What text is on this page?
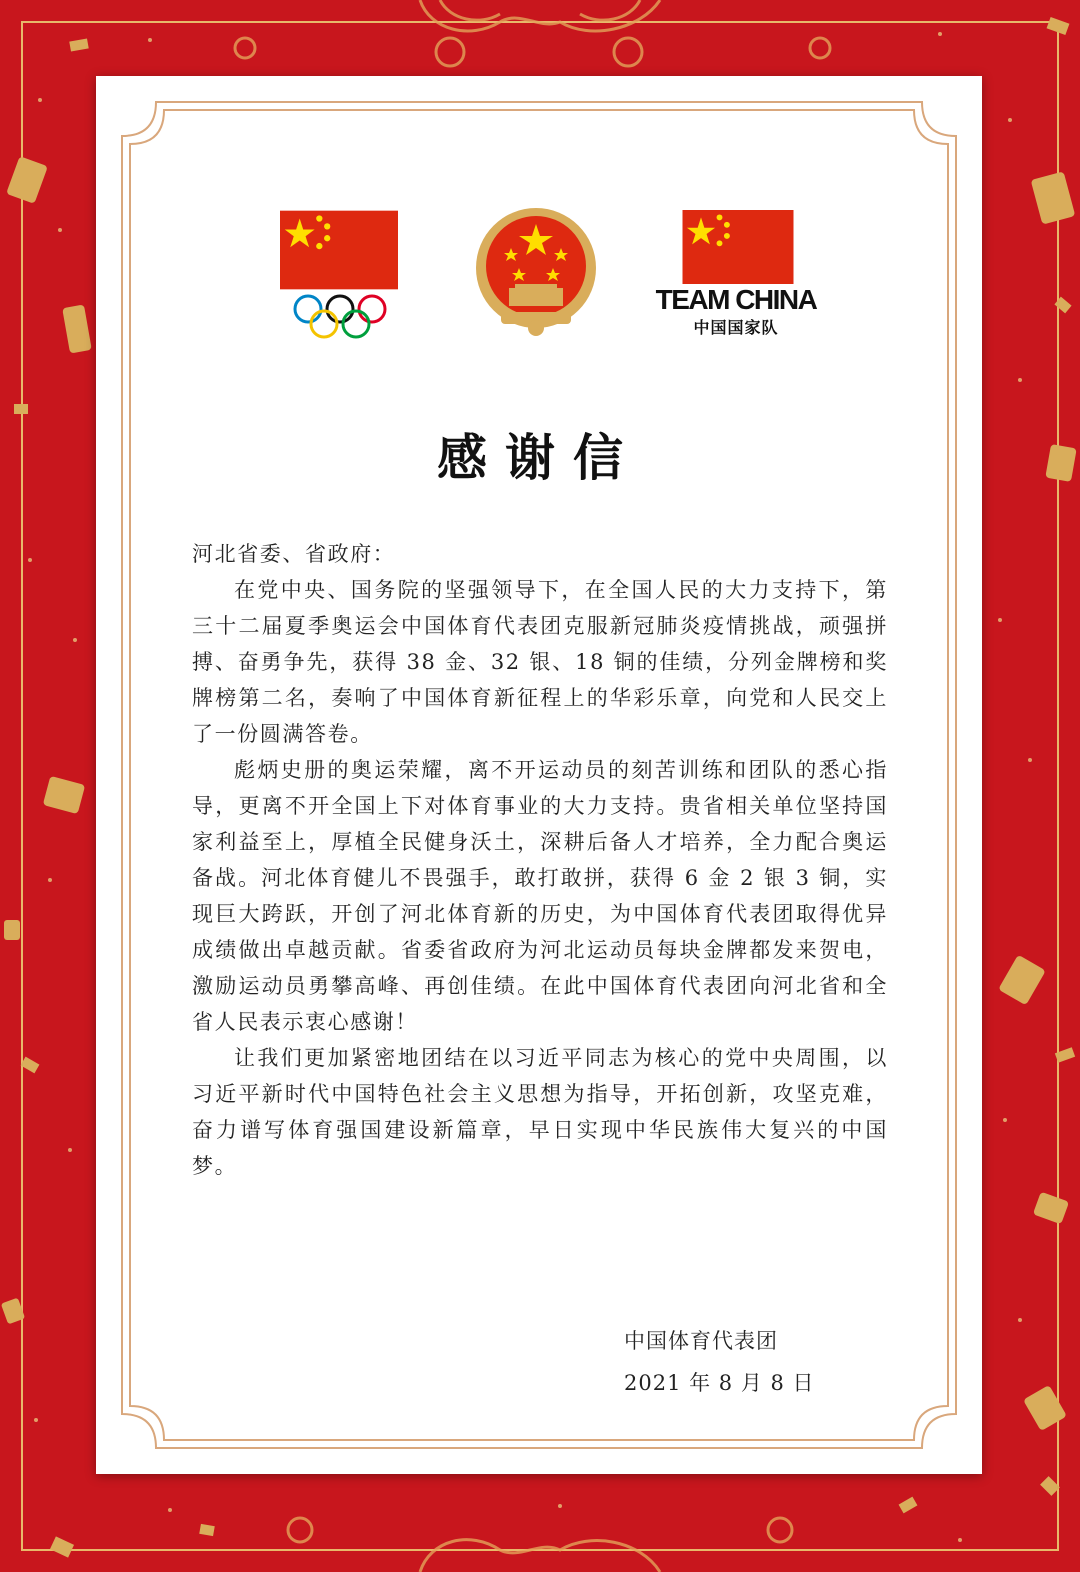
TEAM CHINA
中国国家队
感谢信

河北省委、省政府：

在党中央、国务院的坚强领导下，在全国人民的大力支持下，第三十二届夏季奥运会中国体育代表团克服新冠肺炎疫情挑战，顽强拼搏、奋勇争先，获得 38 金、32 银、18 铜的佳绩，分列金牌榜和奖牌榜第二名，奏响了中国体育新征程上的华彩乐章，向党和人民交上了一份圆满答卷。

彪炳史册的奥运荣耀，离不开运动员的刻苦训练和团队的悉心指导，更离不开全国上下对体育事业的大力支持。贵省相关单位坚持国家利益至上，厚植全民健身沃土，深耕后备人才培养，全力配合奥运备战。河北体育健儿不畏强手，敢打敢拼，获得 6 金 2 银 3 铜，实现巨大跨跃，开创了河北体育新的历史，为中国体育代表团取得优异成绩做出卓越贡献。省委省政府为河北运动员每块金牌都发来贺电，激励运动员勇攀高峰、再创佳绩。在此中国体育代表团向河北省和全省人民表示衷心感谢！

让我们更加紧密地团结在以习近平同志为核心的党中央周围，以习近平新时代中国特色社会主义思想为指导，开拓创新，攻坚克难，奋力谱写体育强国建设新篇章，早日实现中华民族伟大复兴的中国梦。

中国体育代表团
2021 年 8 月 8 日
